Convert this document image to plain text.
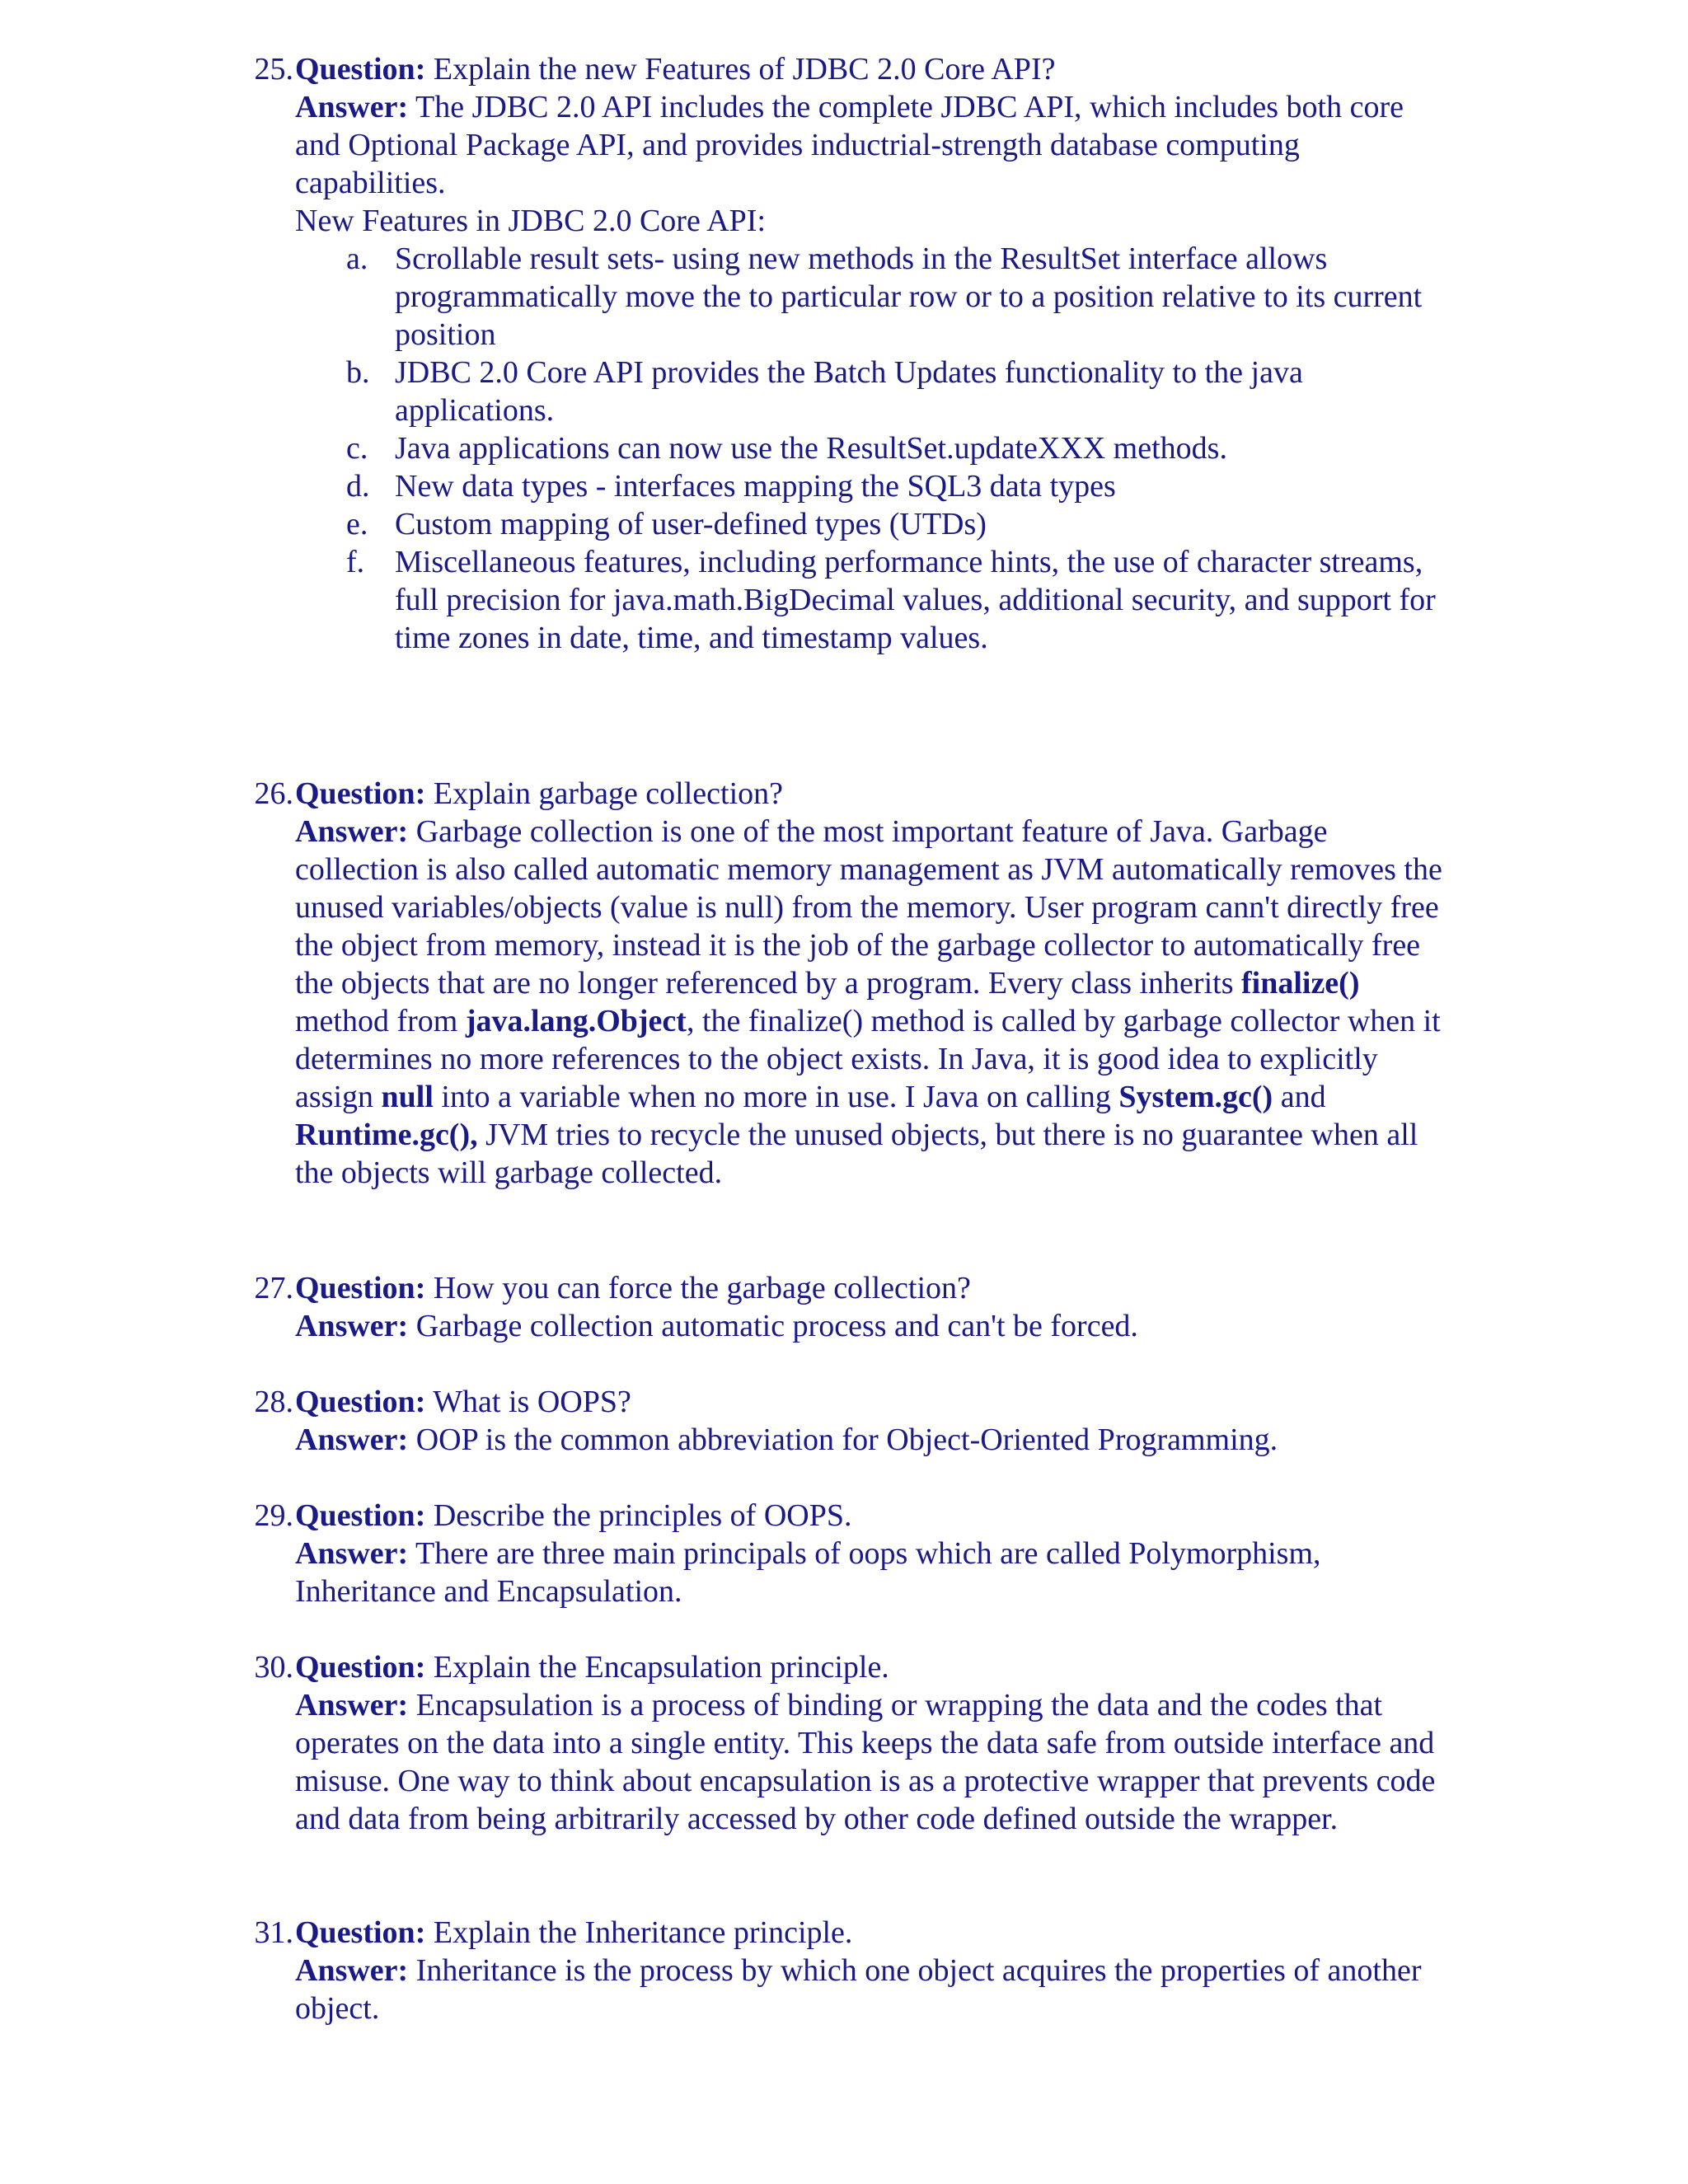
25. Question: Explain the new Features of JDBC 2.0 Core API?

Answer: The JDBC 2.0 API includes the complete JDBC API, which includes both core and Optional Package API, and provides inductrial-strength database computing capabilities.

New Features in JDBC 2.0 Core API:

a. Scrollable result sets- using new methods in the ResultSet interface allows programmatically move the to particular row or to a position relative to its current position
b. JDBC 2.0 Core API provides the Batch Updates functionality to the java applications.
c. Java applications can now use the ResultSet.updateXXX methods.
d. New data types - interfaces mapping the SQL3 data types
e. Custom mapping of user-defined types (UTDs)
f. Miscellaneous features, including performance hints, the use of character streams, full precision for java.math.BigDecimal values, additional security, and support for time zones in date, time, and timestamp values.
26. Question: Explain garbage collection?

Answer: Garbage collection is one of the most important feature of Java. Garbage collection is also called automatic memory management as JVM automatically removes the unused variables/objects (value is null) from the memory. User program cann't directly free the object from memory, instead it is the job of the garbage collector to automatically free the objects that are no longer referenced by a program. Every class inherits finalize() method from java.lang.Object, the finalize() method is called by garbage collector when it determines no more references to the object exists. In Java, it is good idea to explicitly assign null into a variable when no more in use. I Java on calling System.gc() and Runtime.gc(), JVM tries to recycle the unused objects, but there is no guarantee when all the objects will garbage collected.

27. Question: How you can force the garbage collection?

Answer: Garbage collection automatic process and can't be forced.

28. Question: What is OOPS?

Answer: OOP is the common abbreviation for Object-Oriented Programming.

29. Question: Describe the principles of OOPS.

Answer: There are three main principals of oops which are called Polymorphism, Inheritance and Encapsulation.

30. Question: Explain the Encapsulation principle.

Answer: Encapsulation is a process of binding or wrapping the data and the codes that operates on the data into a single entity. This keeps the data safe from outside interface and misuse. One way to think about encapsulation is as a protective wrapper that prevents code and data from being arbitrarily accessed by other code defined outside the wrapper.

31. Question: Explain the Inheritance principle.

Answer: Inheritance is the process by which one object acquires the properties of another object.
